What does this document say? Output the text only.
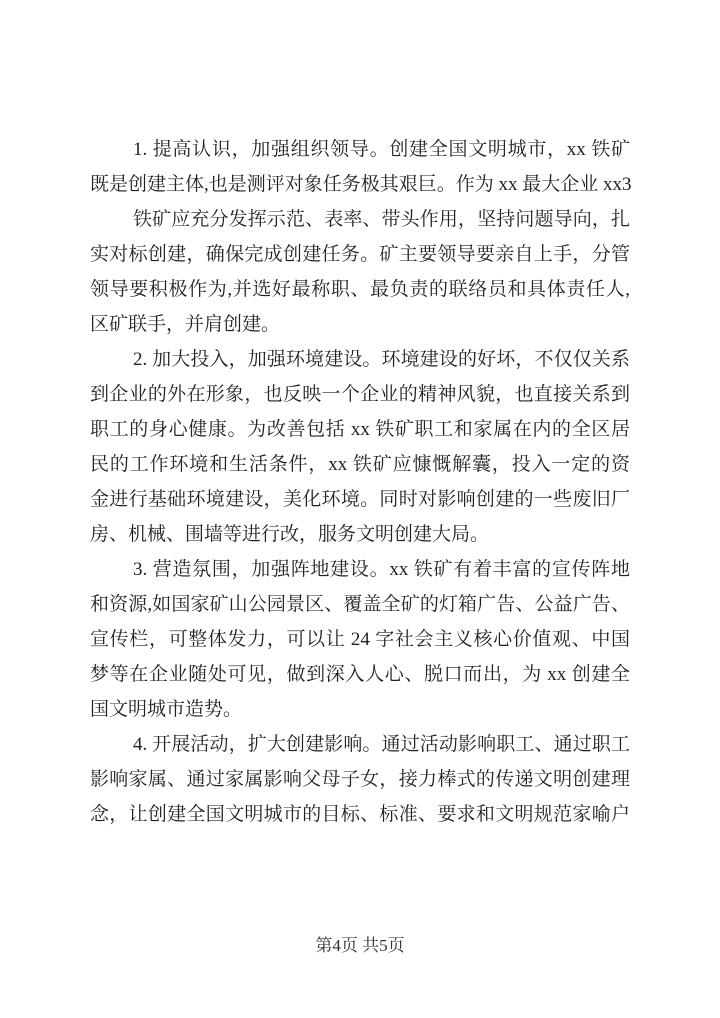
1. 提高认识，加强组织领导。创建全国文明城市，xx 铁矿
既是创建主体,也是测评对象任务极其艰巨。作为 xx 最大企业 xx3
铁矿应充分发挥示范、表率、带头作用，坚持问题导向，扎
实对标创建，确保完成创建任务。矿主要领导要亲自上手，分管
领导要积极作为,并选好最称职、最负责的联络员和具体责任人,
区矿联手，并肩创建。
2. 加大投入，加强环境建设。环境建设的好坏，不仅仅关系
到企业的外在形象，也反映一个企业的精神风貌，也直接关系到
职工的身心健康。为改善包括 xx 铁矿职工和家属在内的全区居
民的工作环境和生活条件，xx 铁矿应慷慨解囊，投入一定的资
金进行基础环境建设，美化环境。同时对影响创建的一些废旧厂
房、机械、围墙等进行改，服务文明创建大局。
3. 营造氛围，加强阵地建设。xx 铁矿有着丰富的宣传阵地
和资源,如国家矿山公园景区、覆盖全矿的灯箱广告、公益广告、
宣传栏，可整体发力，可以让 24 字社会主义核心价值观、中国
梦等在企业随处可见，做到深入人心、脱口而出，为 xx 创建全
国文明城市造势。
4. 开展活动，扩大创建影响。通过活动影响职工、通过职工
影响家属、通过家属影响父母子女，接力棒式的传递文明创建理
念，让创建全国文明城市的目标、标准、要求和文明规范家喻户
第4页 共5页
